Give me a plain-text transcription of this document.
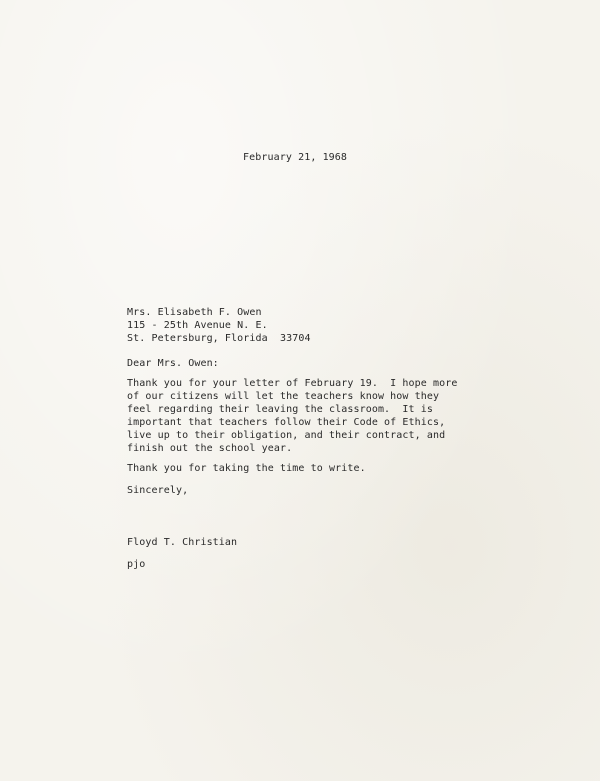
February 21, 1968
Mrs. Elisabeth F. Owen
115 - 25th Avenue N. E.
St. Petersburg, Florida  33704
Dear Mrs. Owen:
Thank you for your letter of February 19.  I hope more
of our citizens will let the teachers know how they
feel regarding their leaving the classroom.  It is
important that teachers follow their Code of Ethics,
live up to their obligation, and their contract, and
finish out the school year.
Thank you for taking the time to write.
Sincerely,
Floyd T. Christian
pjo
